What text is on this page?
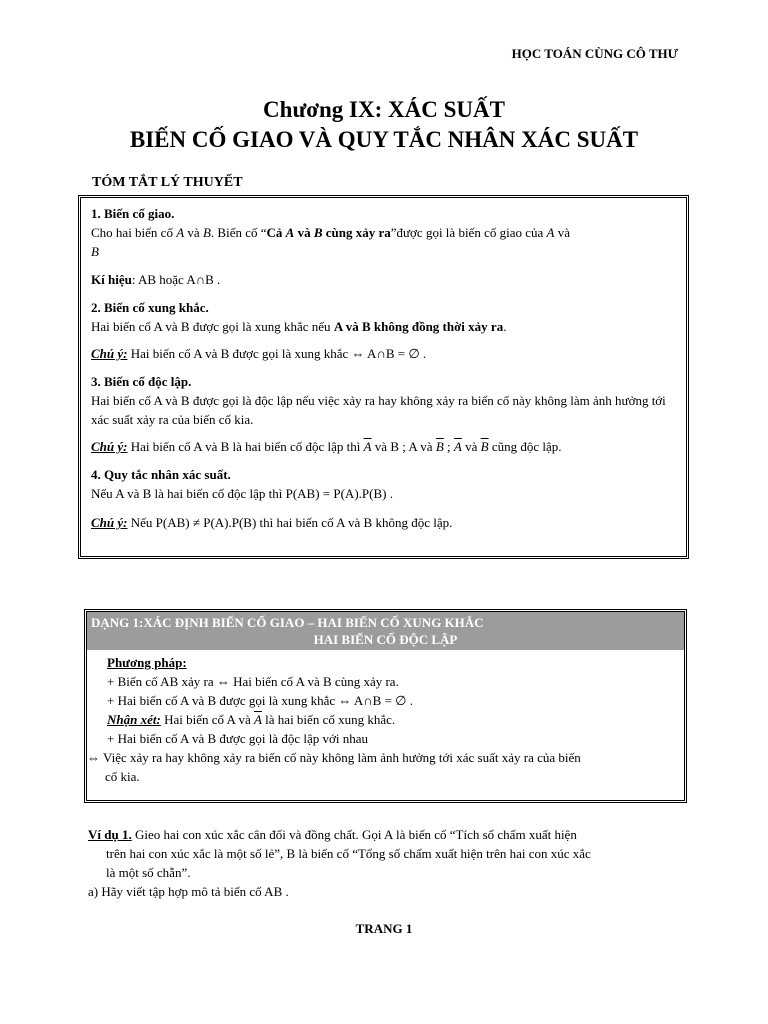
HỌC TOÁN CÙNG CÔ THƯ
Chương IX: XÁC SUẤT
BIẾN CỐ GIAO VÀ QUY TẮC NHÂN XÁC SUẤT
TÓM TẮT LÝ THUYẾT

1. Biến cố giao.

Cho hai biến cố A và B. Biến cố “Cả A và B cùng xảy ra”được gọi là biến cố giao của A và

B

Kí hiệu: AB hoặc A∩B .

2. Biến cố xung khắc.

Hai biến cố A và B được gọi là xung khắc nếu A và B không đồng thời xảy ra.

Chú ý: Hai biến cố A và B được gọi là xung khắc ⇔ A∩B = ∅ .

3. Biến cố độc lập.

Hai biến cố A và B được gọi là độc lập nếu việc xảy ra hay không xảy ra biến cố này không làm ảnh hưởng tới xác suất xảy ra của biến cố kia.

Chú ý: Hai biến cố A và B là hai biến cố độc lập thì $\overline{A}$ và B ; A và $\overline{B}$ ; $\overline{A}$ và $\overline{B}$ cũng độc lập.

4. Quy tắc nhân xác suất.

Nếu A và B là hai biến cố độc lập thì P(AB) = P(A).P(B) .

Chú ý: Nếu P(AB) ≠ P(A).P(B) thì hai biến cố A và B không độc lập.

DẠNG 1:XÁC ĐỊNH BIẾN CỐ GIAO – HAI BIẾN CỐ XUNG KHẮC
HAI BIẾN CỐ ĐỘC LẬP

Phương pháp:

+ Biến cố AB xảy ra ⇔ Hai biến cố A và B cùng xảy ra.

+ Hai biến cố A và B được gọi là xung khắc ⇔ A∩B = ∅ .

Nhận xét: Hai biến cố A và $\overline{A}$ là hai biến cố xung khắc.

+ Hai biến cố A và B được gọi là độc lập với nhau

⇔ Việc xảy ra hay không xảy ra biến cố này không làm ảnh hưởng tới xác suất xảy ra của biến

cố kia.

Ví dụ 1. Gieo hai con xúc xắc cân đối và đồng chất. Gọi A là biến cố “Tích số chấm xuất hiện

trên hai con xúc xắc là một số lẻ”, B là biến cố “Tổng số chấm xuất hiện trên hai con xúc xắc

là một số chẵn”.

a) Hãy viết tập hợp mô tả biến cố AB .

TRANG 1
